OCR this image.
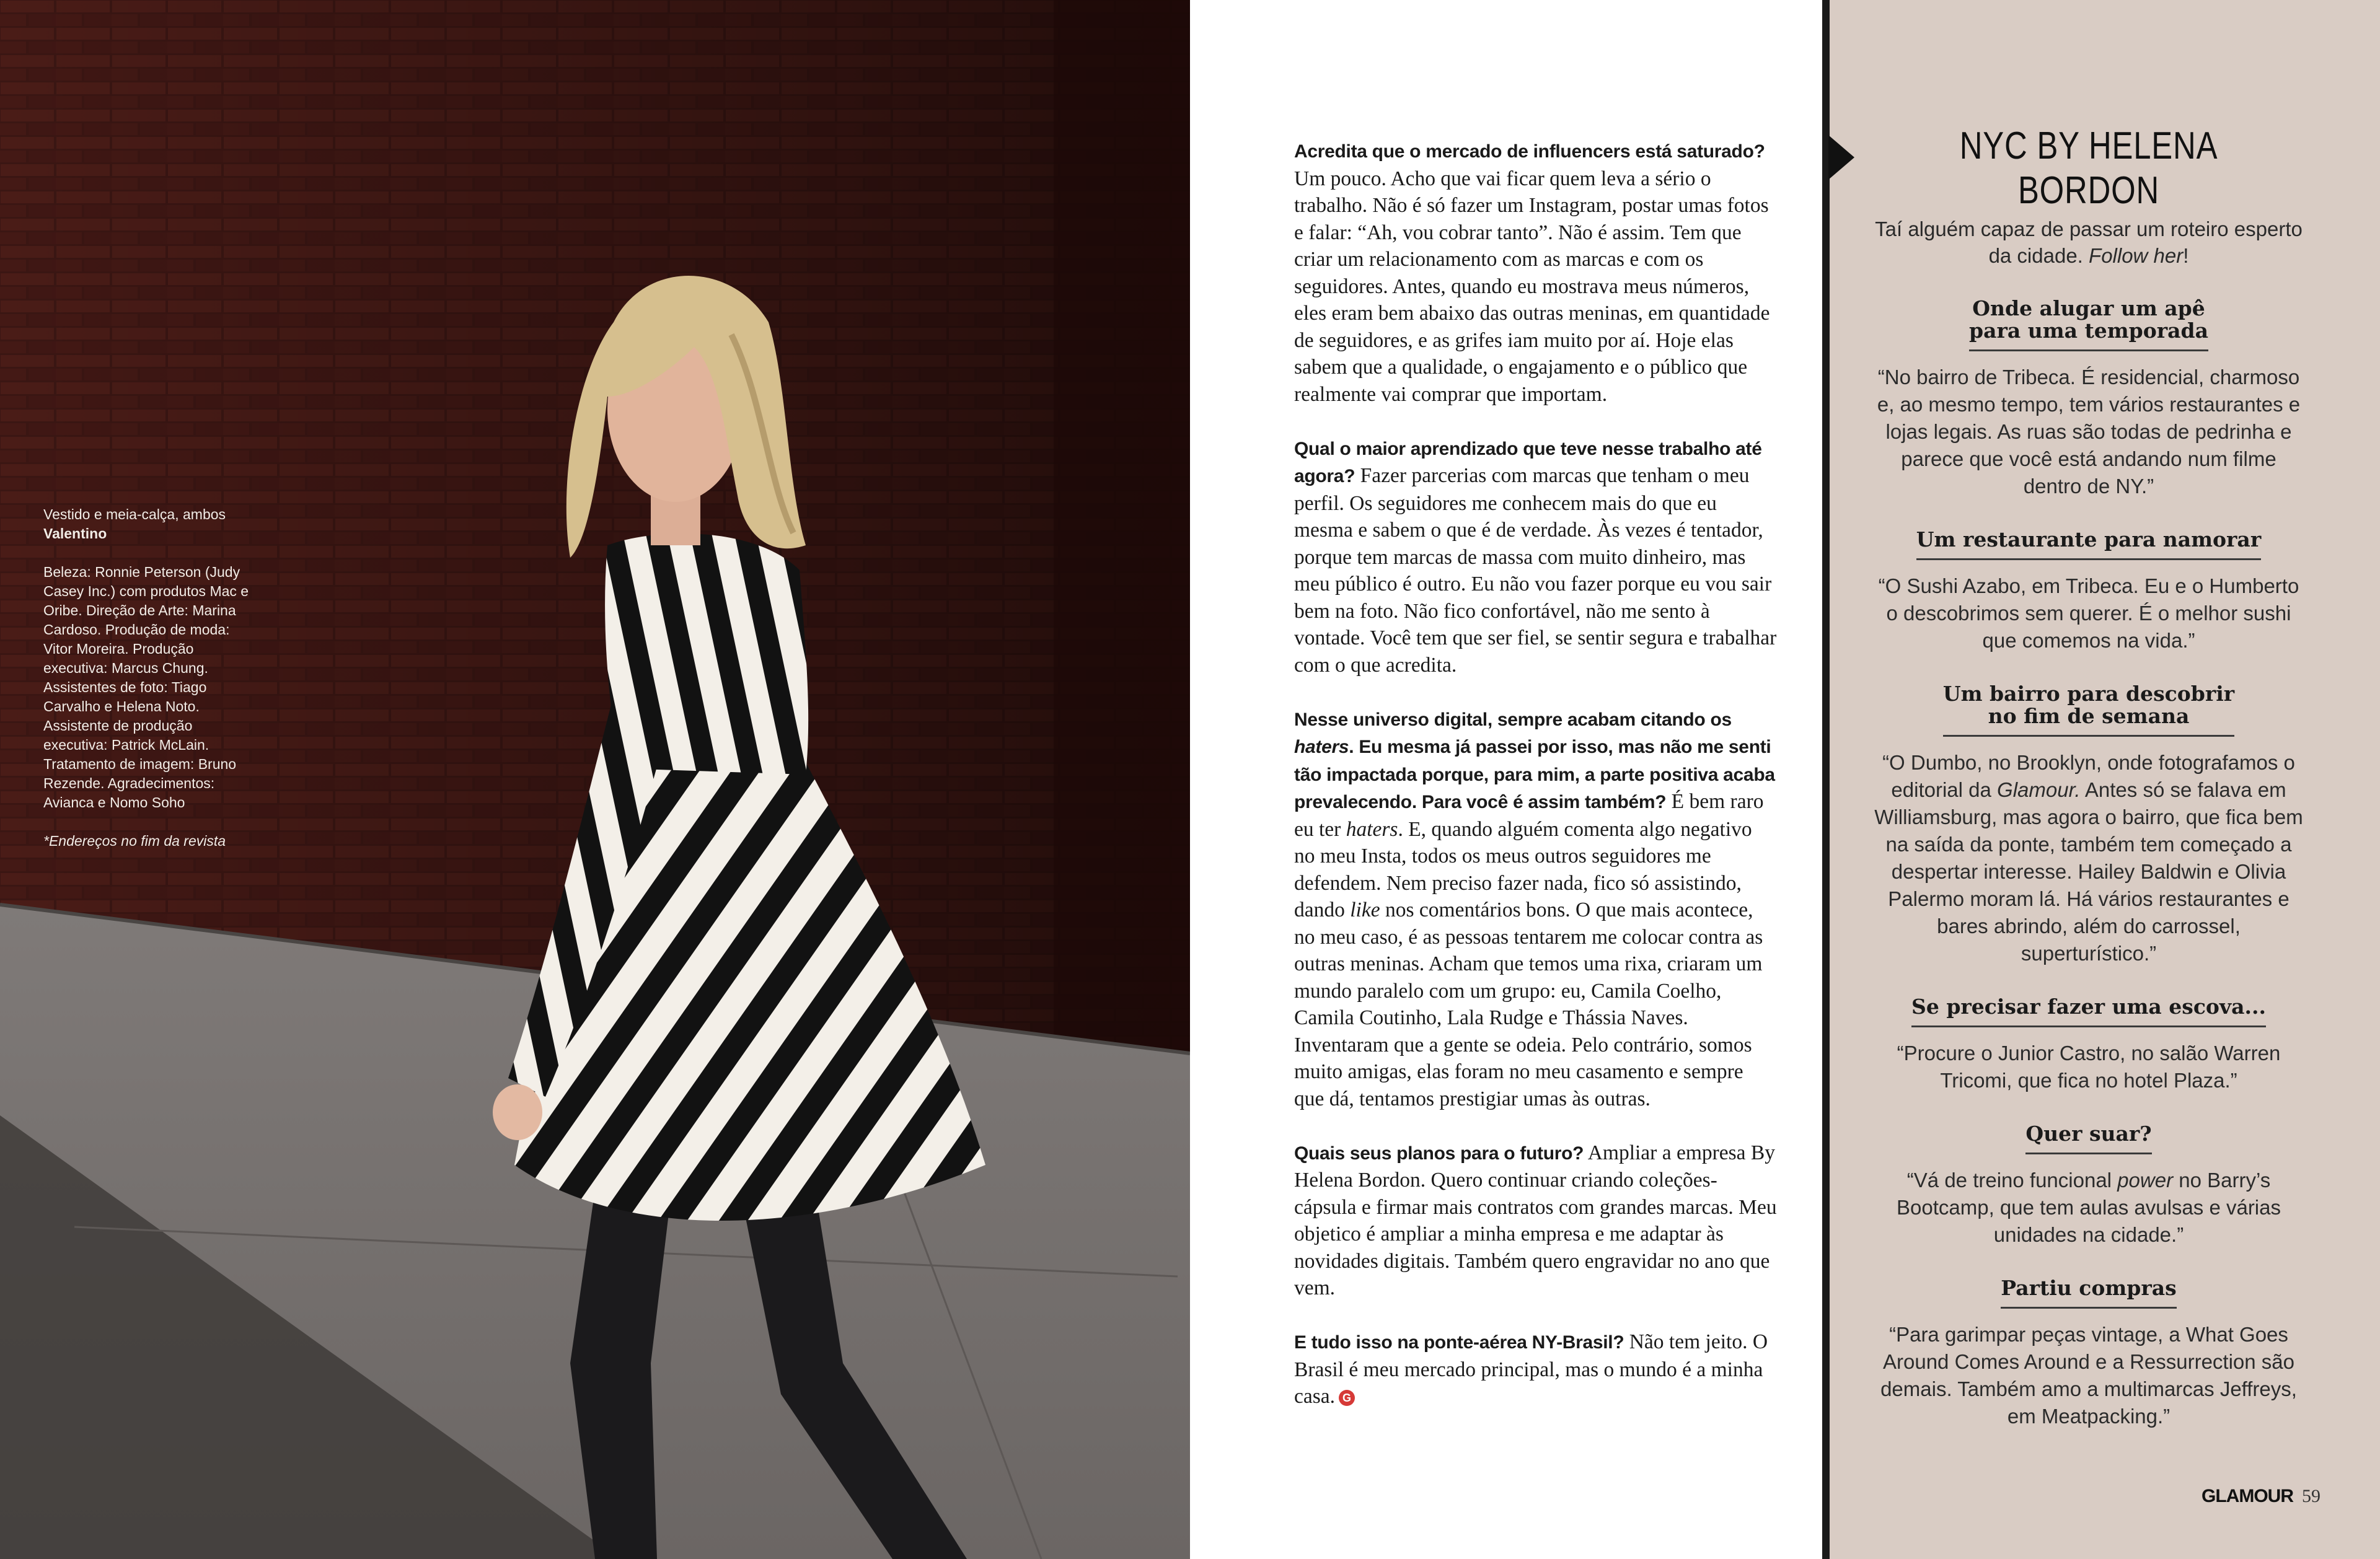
Vestido e meia-calça, ambos
Valentino

Beleza: Ronnie Peterson (Judy Casey Inc.) com produtos Mac e Oribe. Direção de Arte: Marina Cardoso. Produção de moda: Vitor Moreira. Produção executiva: Marcus Chung. Assistentes de foto: Tiago Carvalho e Helena Noto. Assistente de produção executiva: Patrick McLain. Tratamento de imagem: Bruno Rezende. Agradecimentos: Avianca e Nomo Soho

*Endereços no fim da revista

Acredita que o mercado de influencers está saturado? Um pouco. Acho que vai ficar quem leva a sério o trabalho. Não é só fazer um Instagram, postar umas fotos e falar: “Ah, vou cobrar tanto”. Não é assim. Tem que criar um relacionamento com as marcas e com os seguidores. Antes, quando eu mostrava meus números, eles eram bem abaixo das outras meninas, em quantidade de seguidores, e as grifes iam muito por aí. Hoje elas sabem que a qualidade, o engajamento e o público que realmente vai comprar que importam.

Qual o maior aprendizado que teve nesse trabalho até agora? Fazer parcerias com marcas que tenham o meu perfil. Os seguidores me conhecem mais do que eu mesma e sabem o que é de verdade. Às vezes é tentador, porque tem marcas de massa com muito dinheiro, mas meu público é outro. Eu não vou fazer porque eu vou sair bem na foto. Não fico confortável, não me sento à vontade. Você tem que ser fiel, se sentir segura e trabalhar com o que acredita.

Nesse universo digital, sempre acabam citando os haters. Eu mesma já passei por isso, mas não me senti tão impactada porque, para mim, a parte positiva acaba prevalecendo. Para você é assim também? É bem raro eu ter haters. E, quando alguém comenta algo negativo no meu Insta, todos os meus outros seguidores me defendem. Nem preciso fazer nada, fico só assistindo, dando like nos comentários bons. O que mais acontece, no meu caso, é as pessoas tentarem me colocar contra as outras meninas. Acham que temos uma rixa, criaram um mundo paralelo com um grupo: eu, Camila Coelho, Camila Coutinho, Lala Rudge e Thássia Naves. Inventaram que a gente se odeia. Pelo contrário, somos muito amigas, elas foram no meu casamento e sempre que dá, tentamos prestigiar umas às outras.

Quais seus planos para o futuro? Ampliar a empresa By Helena Bordon. Quero continuar criando coleções-cápsula e firmar mais contratos com grandes marcas. Meu objetico é ampliar a minha empresa e me adaptar às novidades digitais. Também quero engravidar no ano que vem.

E tudo isso na ponte-aérea NY-Brasil? Não tem jeito. O Brasil é meu mercado principal, mas o mundo é a minha casa. G

NYC BY HELENA BORDON

Taí alguém capaz de passar um roteiro esperto da cidade. Follow her!

Onde alugar um apê
para uma temporada

“No bairro de Tribeca. É residencial, charmoso e, ao mesmo tempo, tem vários restaurantes e lojas legais. As ruas são todas de pedrinha e parece que você está andando num filme dentro de NY.”

Um restaurante para namorar

“O Sushi Azabo, em Tribeca. Eu e o Humberto o descobrimos sem querer. É o melhor sushi que comemos na vida.”

Um bairro para descobrir
no fim de semana

“O Dumbo, no Brooklyn, onde fotografamos o editorial da Glamour. Antes só se falava em Williamsburg, mas agora o bairro, que fica bem na saída da ponte, também tem começado a despertar interesse. Hailey Baldwin e Olivia Palermo moram lá. Há vários restaurantes e bares abrindo, além do carrossel, superturístico.”

Se precisar fazer uma escova...

“Procure o Junior Castro, no salão Warren Tricomi, que fica no hotel Plaza.”

Quer suar?

“Vá de treino funcional power no Barry’s Bootcamp, que tem aulas avulsas e várias unidades na cidade.”

Partiu compras

“Para garimpar peças vintage, a What Goes Around Comes Around e a Ressurrection são demais. Também amo a multimarcas Jeffreys, em Meatpacking.”

GLAMOUR 59
